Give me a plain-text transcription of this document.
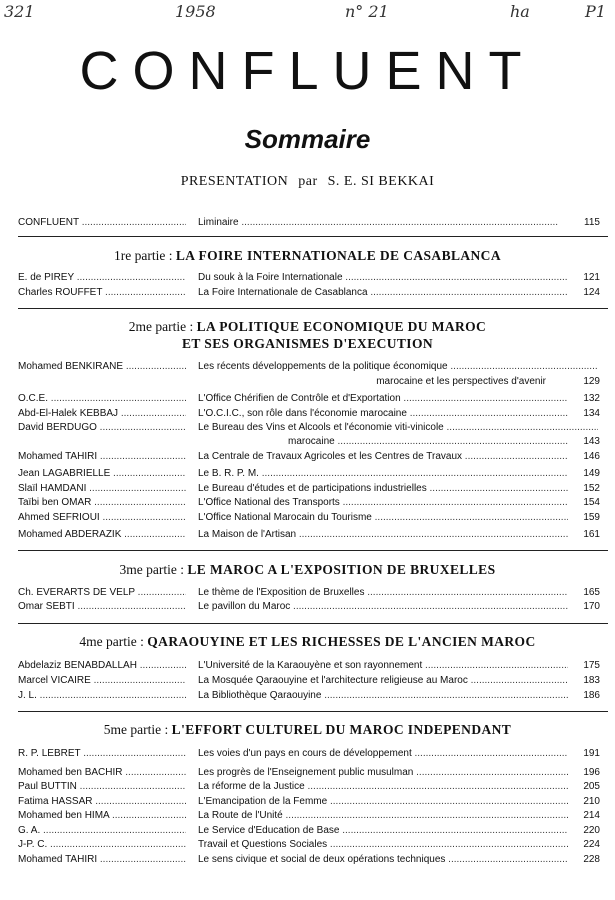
321	1958	n° 21	ha	P1
CONFLUENT
Sommaire
PRESENTATION par S. E. SI BEKKAI
CONFLUENT .....	Liminaire .....	115
1re partie : LA FOIRE INTERNATIONALE DE CASABLANCA
E. de PIREY .....	Du souk à la Foire Internationale .....	121
Charles ROUFFET .....	La Foire Internationale de Casablanca .....	124
2me partie : LA POLITIQUE ECONOMIQUE DU MAROC
ET SES ORGANISMES D'EXECUTION
Mohamed BENKIRANE .....	Les récents développements de la politique économique .....
marocaine et les perspectives d'avenir	129
O.C.E. .....	L'Office Chérifien de Contrôle et d'Exportation .....	132
Abd-El-Halek KEBBAJ .....	L'O.C.I.C., son rôle dans l'économie marocaine .....	134
David BERDUGO .....	Le Bureau des Vins et Alcools et l'économie viti-vinicole .....
marocaine .....	143
Mohamed TAHIRI .....	La Centrale de Travaux Agricoles et les Centres de Travaux .....	146
Jean LAGABRIELLE .....	Le B. R. P. M. .....	149
Slaïl HAMDANI .....	Le Bureau d'études et de participations industrielles .....	152
Taïbi ben OMAR .....	L'Office National des Transports .....	154
Ahmed SEFRIOUI .....	L'Office National Marocain du Tourisme .....	159
Mohamed ABDERAZIK .....	La Maison de l'Artisan .....	161
3me partie : LE MAROC A L'EXPOSITION DE BRUXELLES
Ch. EVERARTS DE VELP .....	Le thème de l'Exposition de Bruxelles .....	165
Omar SEBTI .....	Le pavillon du Maroc .....	170
4me partie : QARAOUYINE ET LES RICHESSES DE L'ANCIEN MAROC
Abdelaziz BENABDALLAH .....	L'Université de la Karaouyène et son rayonnement .....	175
Marcel VICAIRE .....	La Mosquée Qaraouyine et l'architecture religieuse au Maroc .....	183
J. L. .....	La Bibliothèque Qaraouyine .....	186
5me partie : L'EFFORT CULTUREL DU MAROC INDEPENDANT
R. P. LEBRET .....	Les voies d'un pays en cours de développement .....	191
Mohamed ben BACHIR .....	Les progrès de l'Enseignement public musulman .....	196
Paul BUTTIN .....	La réforme de la Justice .....	205
Fatima HASSAR .....	L'Emancipation de la Femme .....	210
Mohamed ben HIMA .....	La Route de l'Unité .....	214
G. A. .....	Le Service d'Education de Base .....	220
J-P. C. .....	Travail et Questions Sociales .....	224
Mohamed TAHIRI .....	Le sens civique et social de deux opérations techniques .....	228
